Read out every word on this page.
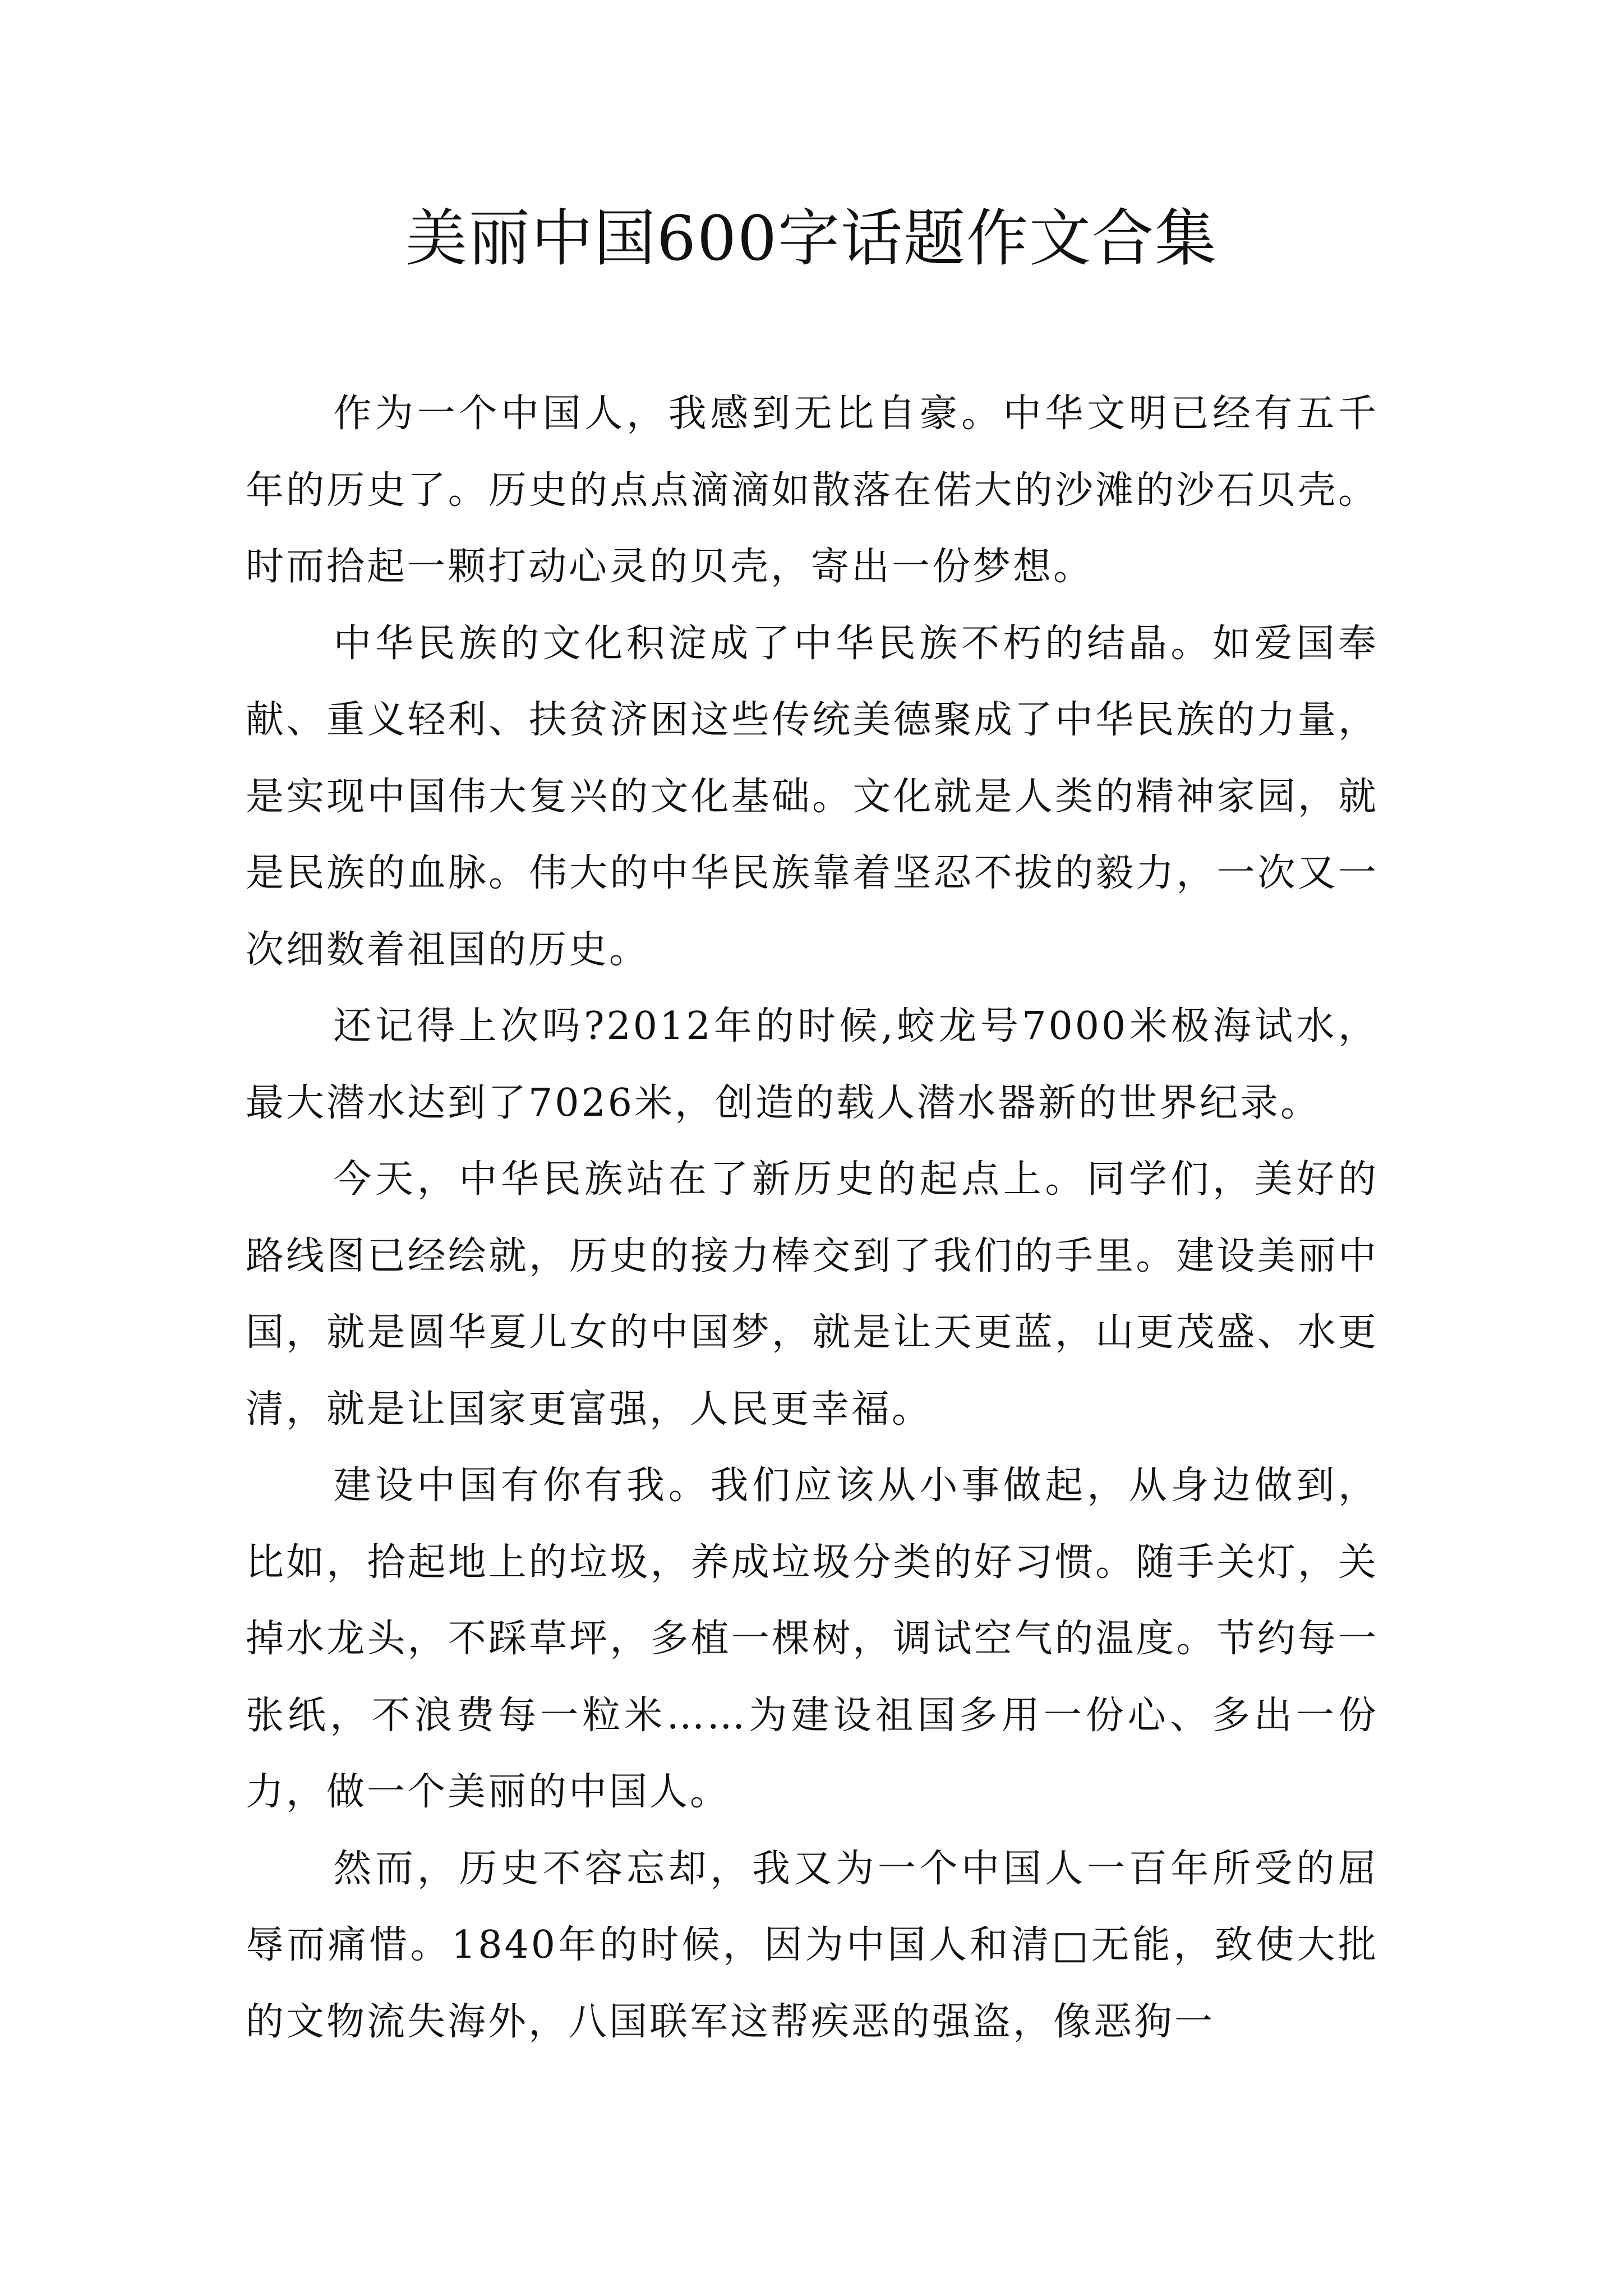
美丽中国600字话题作文合集

作为一个中国人，我感到无比自豪。中华文明已经有五千年的历史了。历史的点点滴滴如散落在偌大的沙滩的沙石贝壳。时而拾起一颗打动心灵的贝壳，寄出一份梦想。

中华民族的文化积淀成了中华民族不朽的结晶。如爱国奉献、重义轻利、扶贫济困这些传统美德聚成了中华民族的力量，是实现中国伟大复兴的文化基础。文化就是人类的精神家园，就是民族的血脉。伟大的中华民族靠着坚忍不拔的毅力，一次又一次细数着祖国的历史。

还记得上次吗?2012年的时候,蛟龙号7000米极海试水，最大潜水达到了7026米，创造的载人潜水器新的世界纪录。

今天，中华民族站在了新历史的起点上。同学们，美好的路线图已经绘就，历史的接力棒交到了我们的手里。建设美丽中国，就是圆华夏儿女的中国梦，就是让天更蓝，山更茂盛、水更清，就是让国家更富强，人民更幸福。

建设中国有你有我。我们应该从小事做起，从身边做到，比如，拾起地上的垃圾，养成垃圾分类的好习惯。随手关灯，关掉水龙头，不踩草坪，多植一棵树，调试空气的温度。节约每一张纸，不浪费每一粒米……为建设祖国多用一份心、多出一份力，做一个美丽的中国人。

然而，历史不容忘却，我又为一个中国人一百年所受的屈辱而痛惜。1840年的时候，因为中国人和清□无能，致使大批的文物流失海外，八国联军这帮疾恶的强盗，像恶狗一
